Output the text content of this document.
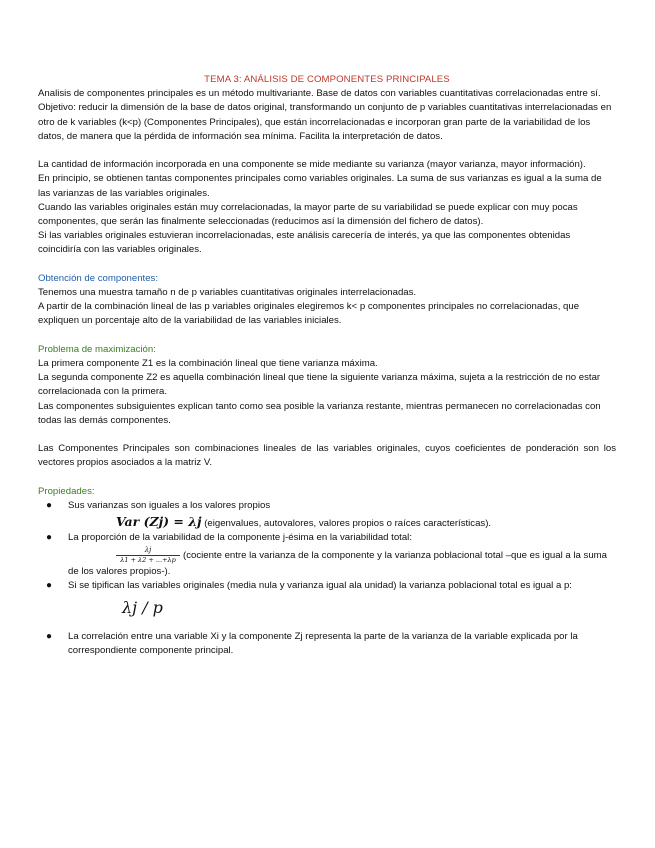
TEMA 3: ANÁLISIS DE COMPONENTES PRINCIPALES

Analisis de componentes principales es un método multivariante. Base de datos con variables cuantitativas correlacionadas entre sí.

Objetivo: reducir la dimensión de la base de datos original, transformando un conjunto de p variables cuantitativas interrelacionadas en otro de k variables (k<p) (Componentes Principales), que están incorrelacionadas e incorporan gran parte de la variabilidad de los datos, de manera que la pérdida de información sea mínima. Facilita la interpretación de datos.

La cantidad de información incorporada en una componente se mide mediante su varianza (mayor varianza, mayor información).

En principio, se obtienen tantas componentes principales como variables originales. La suma de sus varianzas es igual a la suma de las varianzas de las variables originales.

Cuando las variables originales están muy correlacionadas, la mayor parte de su variabilidad se puede explicar con muy pocas componentes, que serán las finalmente seleccionadas (reducimos así la dimensión del fichero de datos).

Si las variables originales estuvieran incorrelacionadas, este análisis carecería de interés, ya que las componentes obtenidas coincidiría con las variables originales.

Obtención de componentes:

Tenemos una muestra tamaño n de p variables cuantitativas originales interrelacionadas.

A partir de la combinación lineal de las p variables originales elegiremos k< p componentes principales no correlacionadas, que expliquen un porcentaje alto de la variabilidad de las variables iniciales.

Problema de maximización:

La primera componente Z1 es la combinación lineal que tiene varianza máxima.

La segunda componente Z2 es aquella combinación lineal que tiene la siguiente varianza máxima, sujeta a la restricción de no estar correlacionada con la primera.

Las componentes subsiguientes explican tanto como sea posible la varianza restante, mientras permanecen no correlacionadas con todas las demás componentes.

Las Componentes Principales son combinaciones lineales de las variables originales, cuyos coeficientes de ponderación son los vectores propios asociados a la matriz V.

Propiedades:

● Sus varianzas son iguales a los valores propios

Var (Zj) = λj (eigenvalues, autovalores, valores propios o raíces características).

● La proporción de la variabilidad de la componente j-ésima en la variabilidad total:

$\frac{\lambda j}{\lambda 1 + \lambda 2 + ...+\lambda p}$ (cociente entre la varianza de la componente y la varianza poblacional total –que es igual a la suma de los valores propios-).

● Si se tipifican las variables originales (media nula y varianza igual ala unidad) la varianza poblacional total es igual a p:

λj / p

● La correlación entre una variable Xi y la componente Zj representa la parte de la varianza de la variable explicada por la correspondiente componente principal.
